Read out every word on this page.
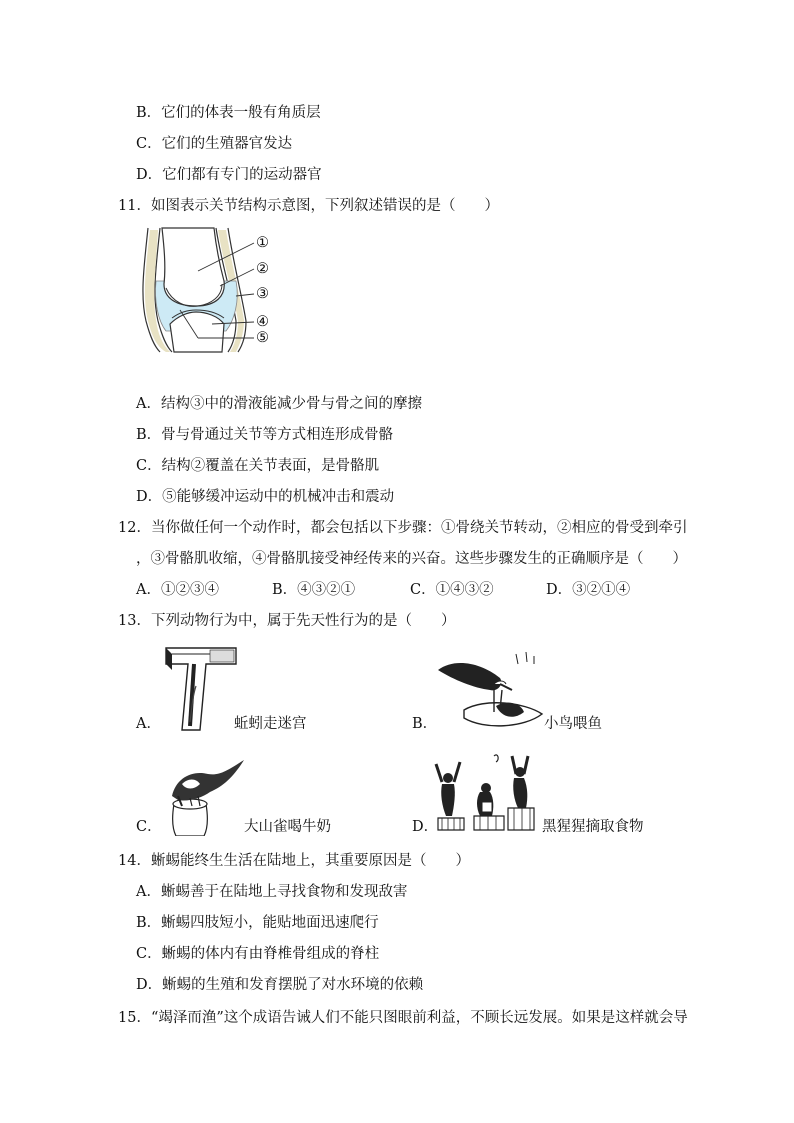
B．它们的体表一般有角质层
C．它们的生殖器官发达
D．它们都有专门的运动器官
11．如图表示关节结构示意图，下列叙述错误的是（　　）
①
②
③
④
⑤
A．结构③中的滑液能减少骨与骨之间的摩擦
B．骨与骨通过关节等方式相连形成骨骼
C．结构②覆盖在关节表面，是骨骼肌
D．⑤能够缓冲运动中的机械冲击和震动
12．当你做任何一个动作时，都会包括以下步骤：①骨绕关节转动，②相应的骨受到牵引
，③骨骼肌收缩，④骨骼肌接受神经传来的兴奋。这些步骤发生的正确顺序是（　　）
A．①②③④	B．④③②①	C．①④③②	D．③②①④
13．下列动物行为中，属于先天性行为的是（　　）
A．	蚯蚓走迷宫	B．	小鸟喂鱼
C．	大山雀喝牛奶	D．	黑猩猩摘取食物
14．蜥蜴能终生生活在陆地上，其重要原因是（　　）
A．蜥蜴善于在陆地上寻找食物和发现敌害
B．蜥蜴四肢短小，能贴地面迅速爬行
C．蜥蜴的体内有由脊椎骨组成的脊柱
D．蜥蜴的生殖和发育摆脱了对水环境的依赖
15．“竭泽而渔”这个成语告诫人们不能只图眼前利益，不顾长远发展。如果是这样就会导
